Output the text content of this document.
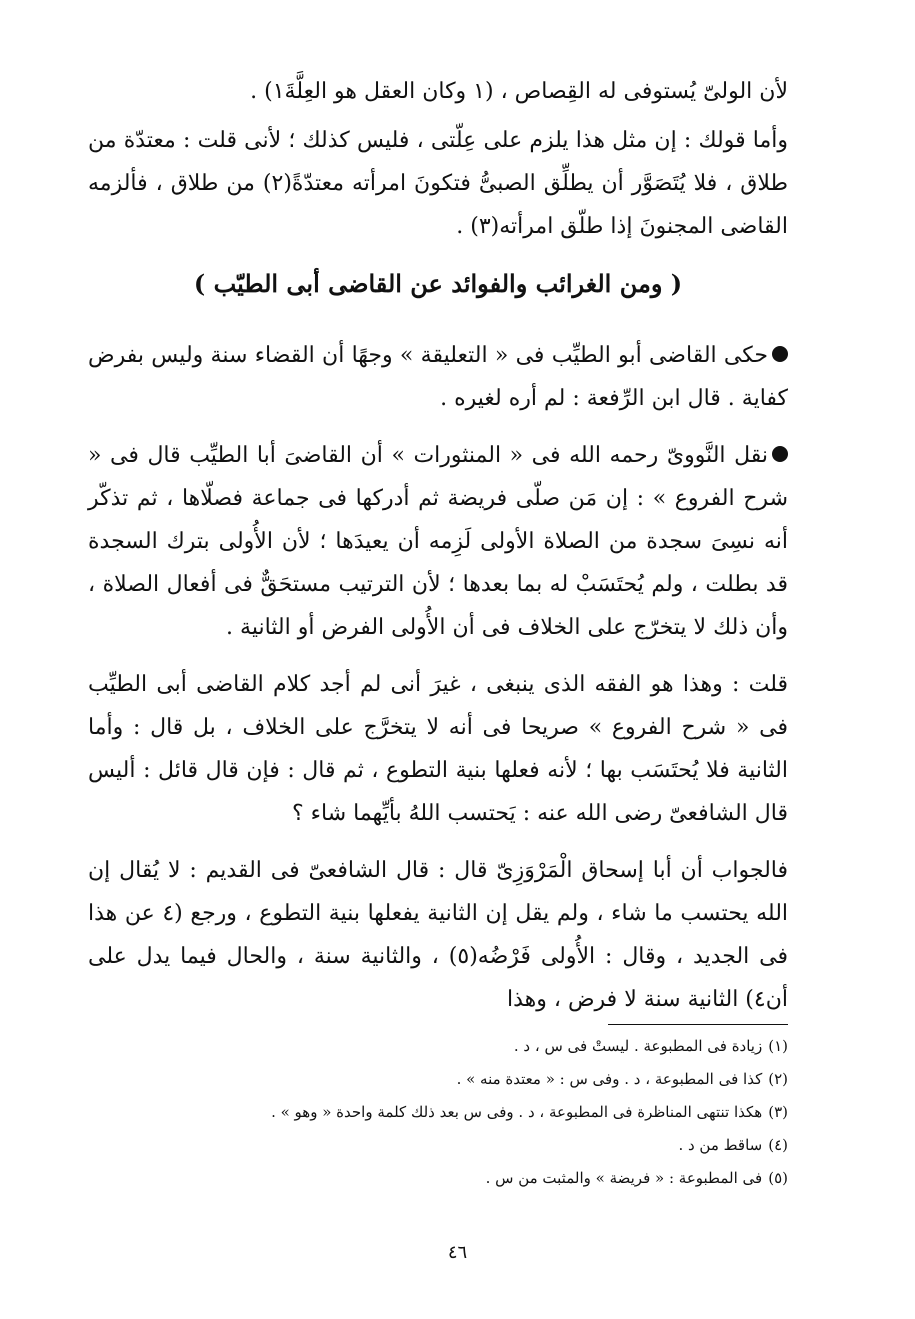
لأن الولىّ يُستوفى له القِصاص ، (١ وكان العقل هو العِلَّةَ١) .

وأما قولك : إن مثل هذا يلزم على عِلّتى ، فليس كذلك ؛ لأنى قلت : معتدّة من طلاق ، فلا يُتَصَوَّر أن يطلِّق الصبىُّ فتكونَ امرأته معتدّةً(٢) من طلاق ، فألزمه القاضى المجنونَ إذا طلّق امرأته(٣) .

( ومن الغرائب والفوائد عن القاضى أبى الطيّب )

حكى القاضى أبو الطيِّب فى « التعليقة » وجهًا أن القضاء سنة وليس بفرض كفاية . قال ابن الرِّفعة : لم أره لغيره .

نقل النَّووىّ رحمه الله فى « المنثورات » أن القاضىَ أبا الطيِّب قال فى « شرح الفروع » : إن مَن صلّى فريضة ثم أدركها فى جماعة فصلّاها ، ثم تذكّر أنه نسِىَ سجدة من الصلاة الأولى لَزِمه أن يعيدَها ؛ لأن الأُولى بترك السجدة قد بطلت ، ولم يُحتَسَبْ له بما بعدها ؛ لأن الترتيب مستحَقٌّ فى أفعال الصلاة ، وأن ذلك لا يتخرّج على الخلاف فى أن الأُولى الفرض أو الثانية .

قلت : وهذا هو الفقه الذى ينبغى ، غيرَ أنى لم أجد كلام القاضى أبى الطيِّب فى « شرح الفروع » صريحا فى أنه لا يتخرَّج على الخلاف ، بل قال : وأما الثانية فلا يُحتَسَب بها ؛ لأنه فعلها بنية التطوع ، ثم قال : فإن قال قائل : أليس قال الشافعىّ رضى الله عنه : يَحتسب اللهُ بأيِّهما شاء ؟

فالجواب أن أبا إسحاق الْمَرْوَزِىّ قال : قال الشافعىّ فى القديم : لا يُقال إن الله يحتسب ما شاء ، ولم يقل إن الثانية يفعلها بنية التطوع ، ورجع (٤ عن هذا فى الجديد ، وقال : الأُولى فَرْضُه(٥) ، والثانية سنة ، والحال فيما يدل على أن٤) الثانية سنة لا فرض ، وهذا

(١)زيادة فى المطبوعة . ليستْ فى س ، د .
(٢)كذا فى المطبوعة ، د . وفى س : « معتدة منه » .
(٣)هكذا تنتهى المناظرة فى المطبوعة ، د . وفى س بعد ذلك كلمة واحدة « وهو » .
(٤)ساقط من د .
(٥)فى المطبوعة : « فريضة » والمثبت من س .
٤٦
